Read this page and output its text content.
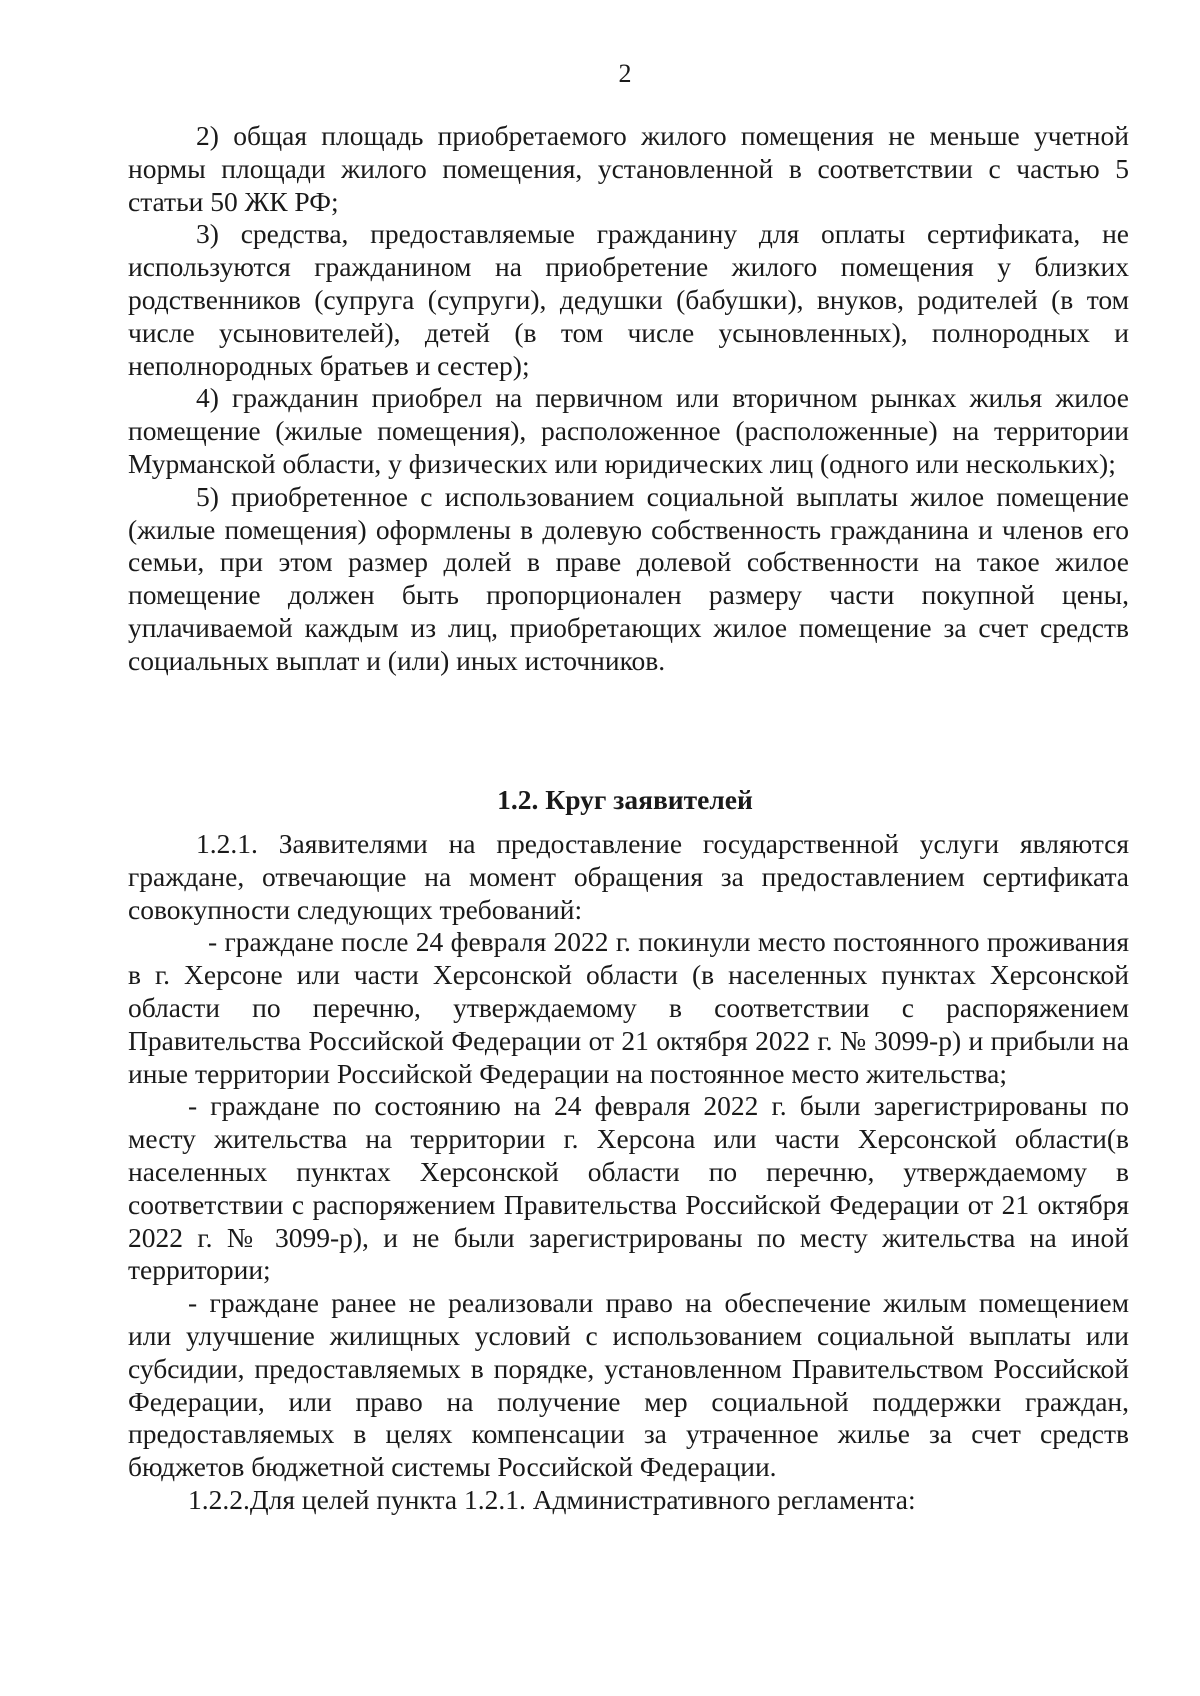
2

2) общая площадь приобретаемого жилого помещения не меньше учетной нормы площади жилого помещения, установленной в соответствии с частью 5 статьи 50 ЖК РФ;

3) средства, предоставляемые гражданину для оплаты сертификата, не используются гражданином на приобретение жилого помещения у близких родственников (супруга (супруги), дедушки (бабушки), внуков, родителей (в том числе усыновителей), детей (в том числе усыновленных), полнородных и неполнородных братьев и сестер);

4) гражданин приобрел на первичном или вторичном рынках жилья жилое помещение (жилые помещения), расположенное (расположенные) на территории Мурманской области, у физических или юридических лиц (одного или нескольких);

5) приобретенное с использованием социальной выплаты жилое помещение (жилые помещения) оформлены в долевую собственность гражданина и членов его семьи, при этом размер долей в праве долевой собственности на такое жилое помещение должен быть пропорционален размеру части покупной цены, уплачиваемой каждым из лиц, приобретающих жилое помещение за счет средств социальных выплат и (или) иных источников.

1.2. Круг заявителей

1.2.1. Заявителями на предоставление государственной услуги являются граждане, отвечающие на момент обращения за предоставлением сертификата совокупности следующих требований:

- граждане после 24 февраля 2022 г. покинули место постоянного проживания в г. Херсоне или части Херсонской области (в населенных пунктах Херсонской области по перечню, утверждаемому в соответствии с распоряжением Правительства Российской Федерации от 21 октября 2022 г. № 3099-р) и прибыли на иные территории Российской Федерации на постоянное место жительства;

- граждане по состоянию на 24 февраля 2022 г. были зарегистрированы по месту жительства на территории г. Херсона или части Херсонской области(в населенных пунктах Херсонской области по перечню, утверждаемому в соответствии с распоряжением Правительства Российской Федерации от 21 октября 2022 г. № 3099-р), и не были зарегистрированы по месту жительства на иной территории;

- граждане ранее не реализовали право на обеспечение жилым помещением или улучшение жилищных условий с использованием социальной выплаты или субсидии, предоставляемых в порядке, установленном Правительством Российской Федерации, или право на получение мер социальной поддержки граждан, предоставляемых в целях компенсации за утраченное жилье за счет средств бюджетов бюджетной системы Российской Федерации.

1.2.2.Для целей пункта 1.2.1. Административного регламента:
